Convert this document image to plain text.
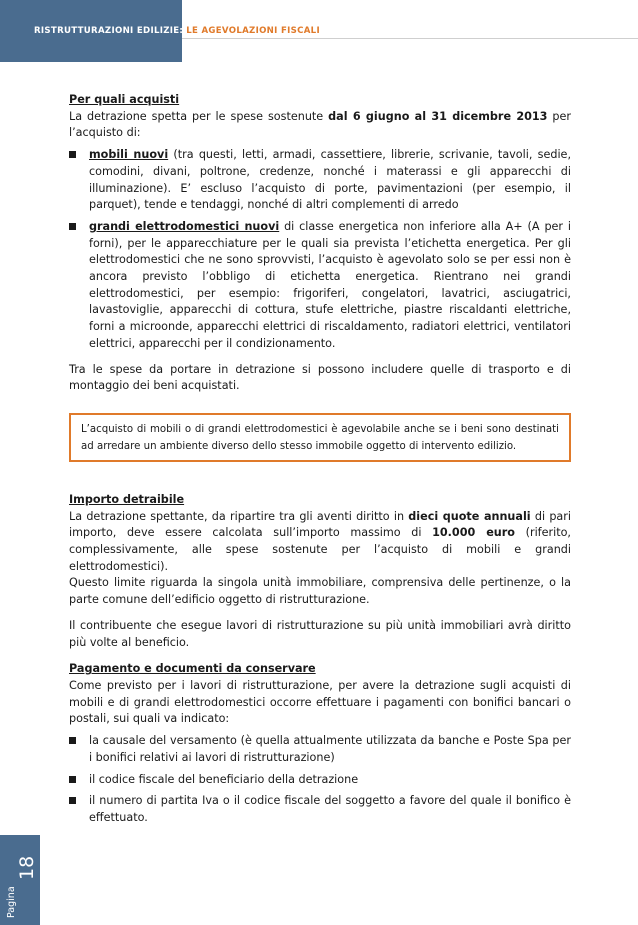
RISTRUTTURAZIONI EDILIZIE: LE AGEVOLAZIONI FISCALI
Pagina
18

Per quali acquisti

La detrazione spetta per le spese sostenute dal 6 giugno al 31 dicembre 2013 per l’acquisto di:

mobili nuovi (tra questi, letti, armadi, cassettiere, librerie, scrivanie, tavoli, sedie, comodini, divani, poltrone, credenze, nonché i materassi e gli apparecchi di illuminazione). E’ escluso l’acquisto di porte, pavimentazioni (per esempio, il parquet), tende e tendaggi, nonché di altri complementi di arredo
grandi elettrodomestici nuovi di classe energetica non inferiore alla A+ (A per i forni), per le apparecchiature per le quali sia prevista l’etichetta energetica. Per gli elettrodomestici che ne sono sprovvisti, l’acquisto è agevolato solo se per essi non è ancora previsto l’obbligo di etichetta energetica. Rientrano nei grandi elettrodomestici, per esempio: frigoriferi, congelatori, lavatrici, asciugatrici, lavastoviglie, apparecchi di cottura, stufe elettriche, piastre riscaldanti elettriche, forni a microonde, apparecchi elettrici di riscaldamento, radiatori elettrici, ventilatori elettrici, apparecchi per il condizionamento.

Tra le spese da portare in detrazione si possono includere quelle di trasporto e di montaggio dei beni acquistati.

L’acquisto di mobili o di grandi elettrodomestici è agevolabile anche se i beni sono destinati ad arredare un ambiente diverso dello stesso immobile oggetto di intervento edilizio.

Importo detraibile

La detrazione spettante, da ripartire tra gli aventi diritto in dieci quote annuali di pari importo, deve essere calcolata sull’importo massimo di 10.000 euro (riferito, complessivamente, alle spese sostenute per l’acquisto di mobili e grandi elettrodomestici).

Questo limite riguarda la singola unità immobiliare, comprensiva delle pertinenze, o la parte comune dell’edificio oggetto di ristrutturazione.

Il contribuente che esegue lavori di ristrutturazione su più unità immobiliari avrà diritto più volte al beneficio.

Pagamento e documenti da conservare

Come previsto per i lavori di ristrutturazione, per avere la detrazione sugli acquisti di mobili e di grandi elettrodomestici occorre effettuare i pagamenti con bonifici bancari o postali, sui quali va indicato:

la causale del versamento (è quella attualmente utilizzata da banche e Poste Spa per i bonifici relativi ai lavori di ristrutturazione)
il codice fiscale del beneficiario della detrazione
il numero di partita Iva o il codice fiscale del soggetto a favore del quale il bonifico è effettuato.
